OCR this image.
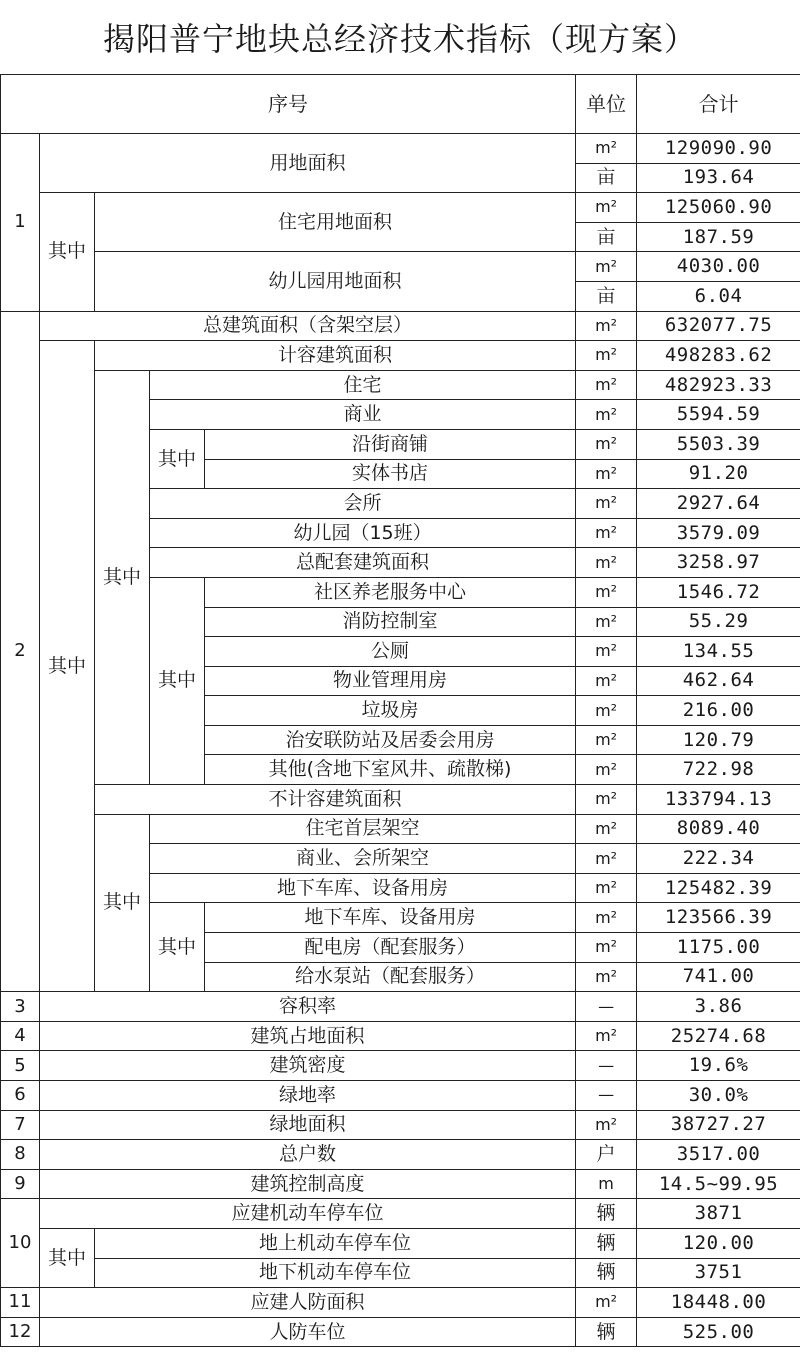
揭阳普宁地块总经济技术指标（现方案）
序号					单位	合计
1	用地面积				m²	129090.90
					亩	193.64
	其中	住宅用地面积			m²	125060.90
					亩	187.59
		幼儿园用地面积			m²	4030.00
					亩	6.04
2	总建筑面积（含架空层）				m²	632077.75
	其中	计容建筑面积			m²	498283.62
		其中	住宅		m²	482923.33
			商业		m²	5594.59
			其中	沿街商铺	m²	5503.39
				实体书店	m²	91.20
			会所		m²	2927.64
			幼儿园（15班）		m²	3579.09
			总配套建筑面积		m²	3258.97
			其中	社区养老服务中心	m²	1546.72
				消防控制室	m²	55.29
				公厕	m²	134.55
				物业管理用房	m²	462.64
				垃圾房	m²	216.00
				治安联防站及居委会用房	m²	120.79
				其他(含地下室风井、疏散梯)	m²	722.98
		不计容建筑面积			m²	133794.13
		其中	住宅首层架空		m²	8089.40
			商业、会所架空		m²	222.34
			地下车库、设备用房		m²	125482.39
			其中	地下车库、设备用房	m²	123566.39
				配电房（配套服务）	m²	1175.00
				给水泵站（配套服务）	m²	741.00
3	容积率				—	3.86
4	建筑占地面积				m²	25274.68
5	建筑密度				—	19.6%
6	绿地率				—	30.0%
7	绿地面积				m²	38727.27
8	总户数				户	3517.00
9	建筑控制高度				m	14.5~99.95
10	应建机动车停车位				辆	3871
	其中	地上机动车停车位			辆	120.00
		地下机动车停车位			辆	3751
11	应建人防面积				m²	18448.00
12	人防车位				辆	525.00
